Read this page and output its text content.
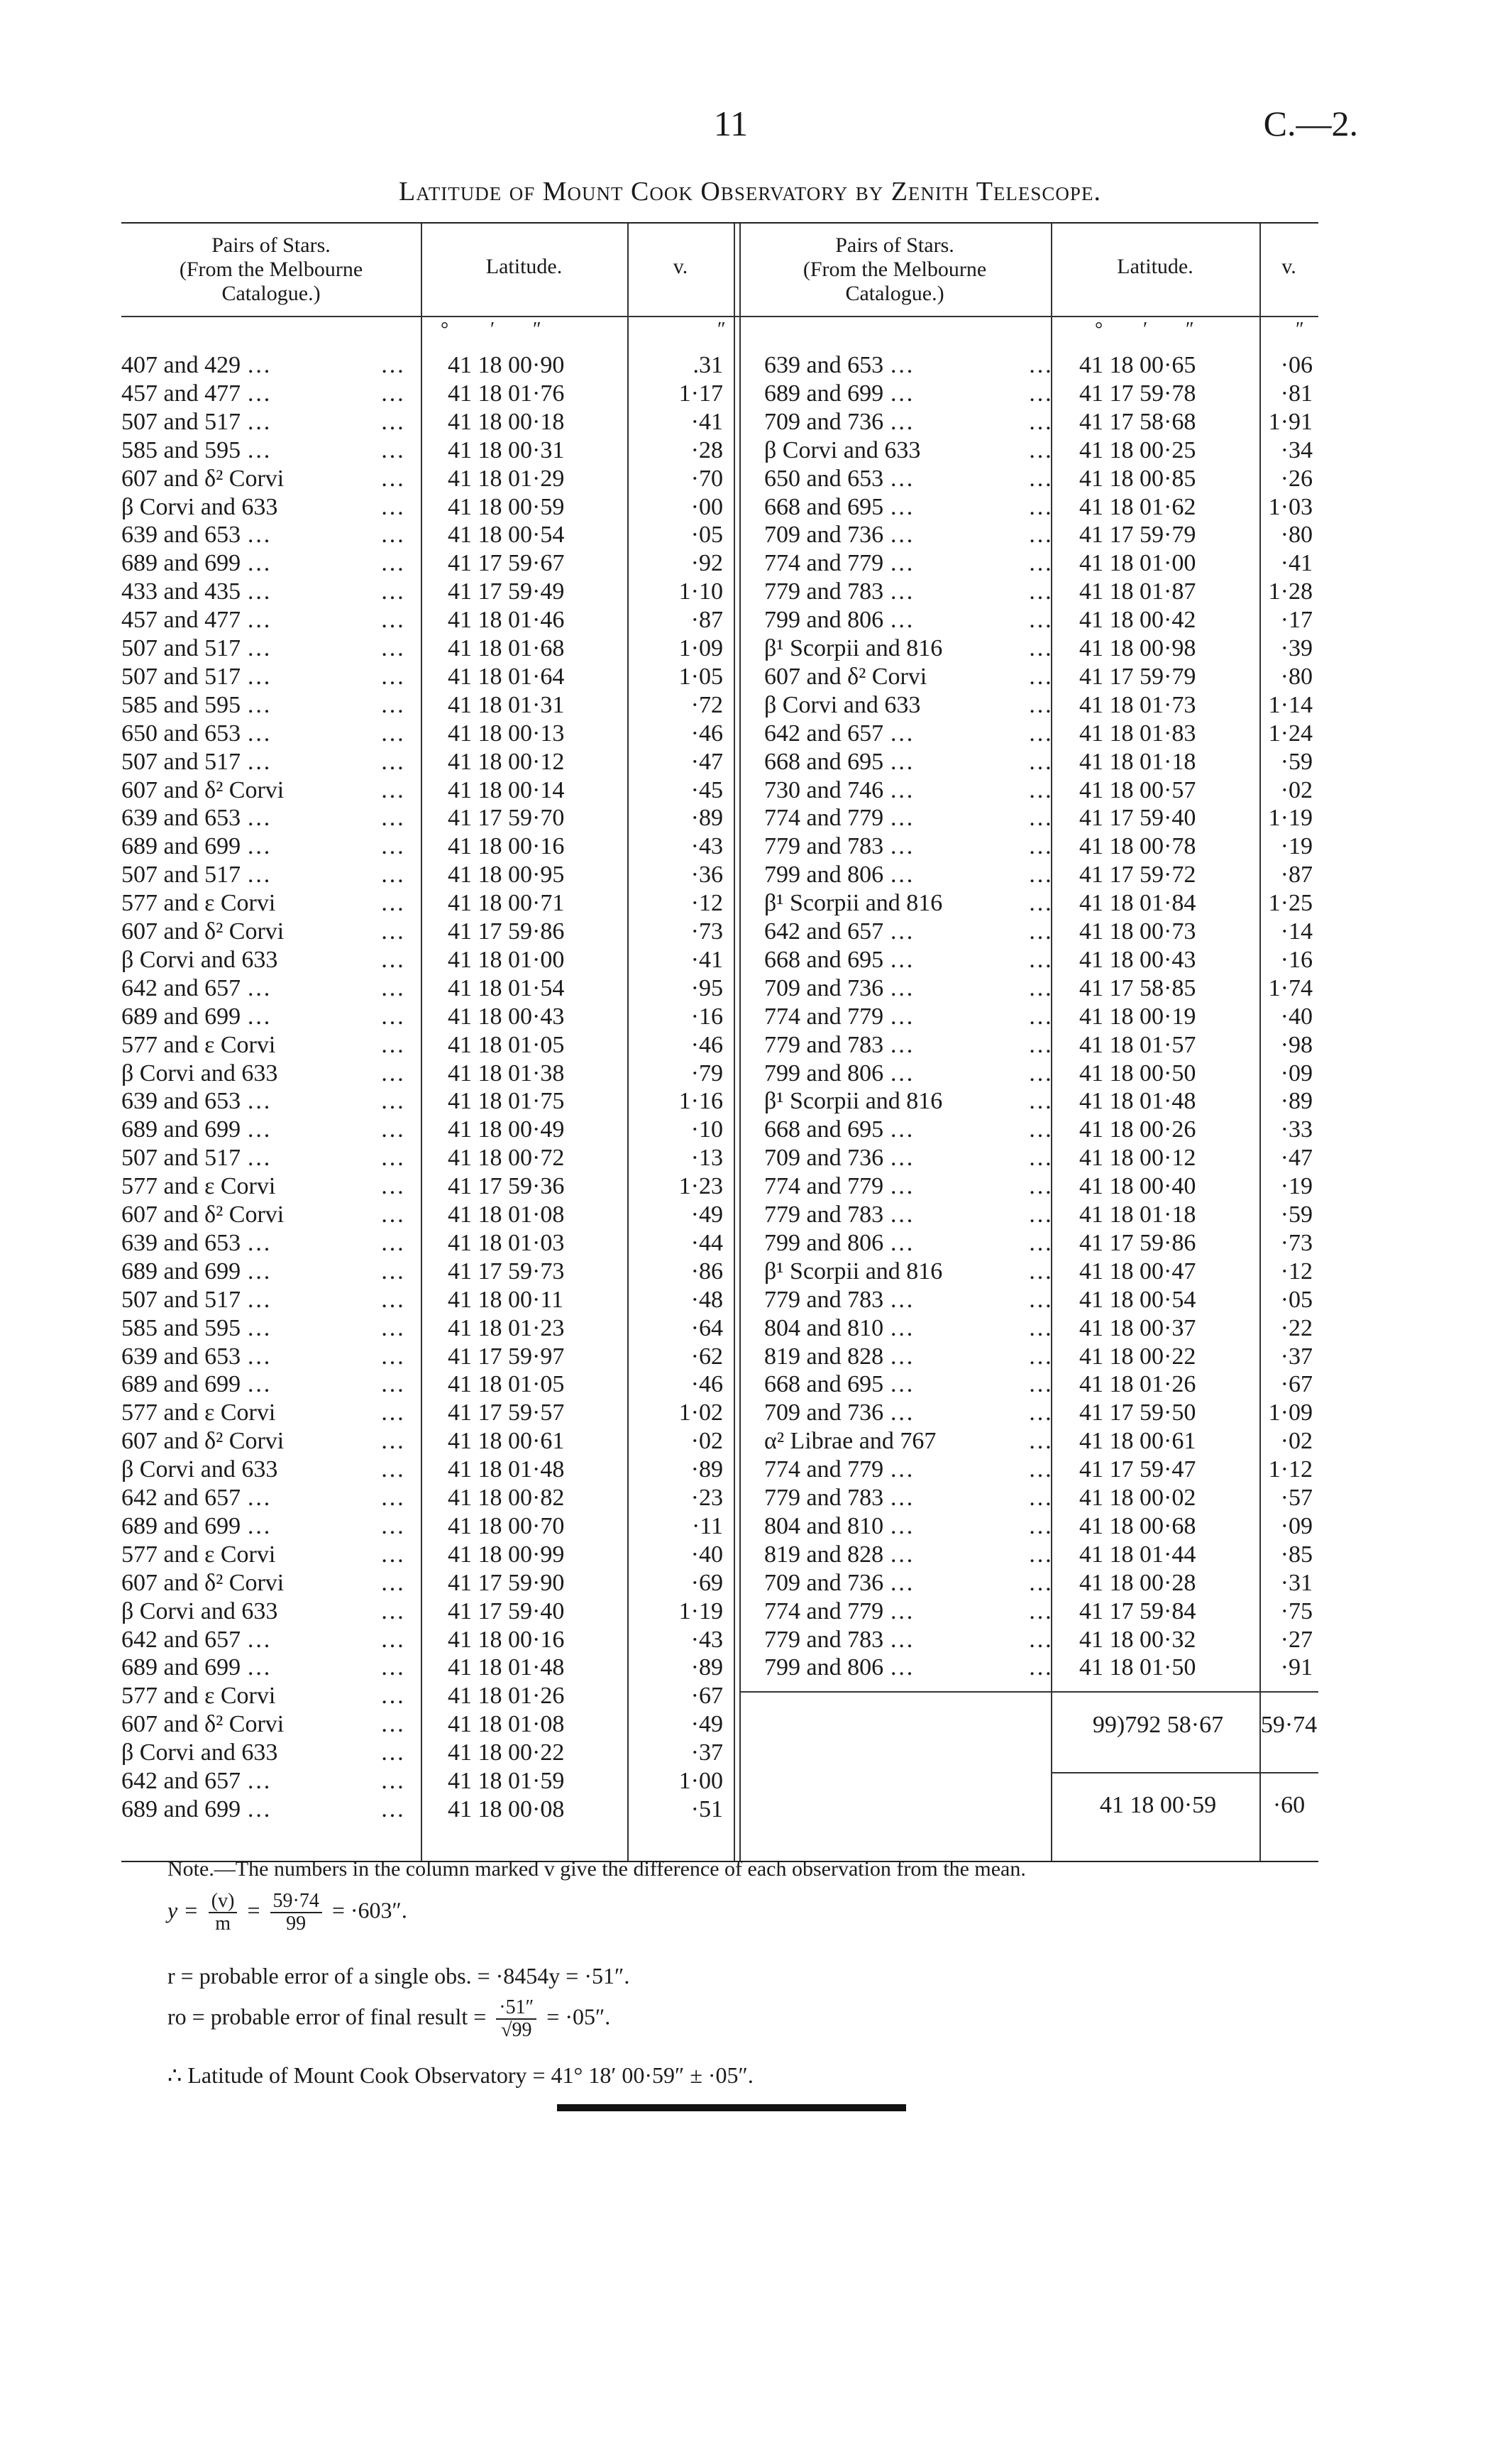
11	C.—2.
Latitude of Mount Cook Observatory by Zenith Telescope.
Pairs of Stars.
(From the Melbourne
Catalogue.)
Latitude.	v.
Pairs of Stars.
(From the Melbourne
Catalogue.)
Latitude.	v.
° ′ ″	″	° ′ ″	″
407 and 429 …	… 41 18 00·90	.31
457 and 477 …	… 41 18 01·76	1·17
507 and 517 …	… 41 18 00·18	·41
585 and 595 …	… 41 18 00·31	·28
607 and δ² Corvi	… 41 18 01·29	·70
β Corvi and 633	… 41 18 00·59	·00
639 and 653 …	… 41 18 00·54	·05
689 and 699 …	… 41 17 59·67	·92
433 and 435 …	… 41 17 59·49	1·10
457 and 477 …	… 41 18 01·46	·87
507 and 517 …	… 41 18 01·68	1·09
507 and 517 …	… 41 18 01·64	1·05
585 and 595 …	… 41 18 01·31	·72
650 and 653 …	… 41 18 00·13	·46
507 and 517 …	… 41 18 00·12	·47
607 and δ² Corvi	… 41 18 00·14	·45
639 and 653 …	… 41 17 59·70	·89
689 and 699 …	… 41 18 00·16	·43
507 and 517 …	… 41 18 00·95	·36
577 and ε Corvi	… 41 18 00·71	·12
607 and δ² Corvi	… 41 17 59·86	·73
β Corvi and 633	… 41 18 01·00	·41
642 and 657 …	… 41 18 01·54	·95
689 and 699 …	… 41 18 00·43	·16
577 and ε Corvi	… 41 18 01·05	·46
β Corvi and 633	… 41 18 01·38	·79
639 and 653 …	… 41 18 01·75	1·16
689 and 699 …	… 41 18 00·49	·10
507 and 517 …	… 41 18 00·72	·13
577 and ε Corvi	… 41 17 59·36	1·23
607 and δ² Corvi	… 41 18 01·08	·49
639 and 653 …	… 41 18 01·03	·44
689 and 699 …	… 41 17 59·73	·86
507 and 517 …	… 41 18 00·11	·48
585 and 595 …	… 41 18 01·23	·64
639 and 653 …	… 41 17 59·97	·62
689 and 699 …	… 41 18 01·05	·46
577 and ε Corvi	… 41 17 59·57	1·02
607 and δ² Corvi	… 41 18 00·61	·02
β Corvi and 633	… 41 18 01·48	·89
642 and 657 …	… 41 18 00·82	·23
689 and 699 …	… 41 18 00·70	·11
577 and ε Corvi	… 41 18 00·99	·40
607 and δ² Corvi	… 41 17 59·90	·69
β Corvi and 633	… 41 17 59·40	1·19
642 and 657 …	… 41 18 00·16	·43
689 and 699 …	… 41 18 01·48	·89
577 and ε Corvi	… 41 18 01·26	·67
607 and δ² Corvi	… 41 18 01·08	·49
β Corvi and 633	… 41 18 00·22	·37
642 and 657 …	… 41 18 01·59	1·00
689 and 699 …	… 41 18 00·08	·51
639 and 653 …	… 41 18 00·65	·06
689 and 699 …	… 41 17 59·78	·81
709 and 736 …	… 41 17 58·68	1·91
β Corvi and 633	… 41 18 00·25	·34
650 and 653 …	… 41 18 00·85	·26
668 and 695 …	… 41 18 01·62	1·03
709 and 736 …	… 41 17 59·79	·80
774 and 779 …	… 41 18 01·00	·41
779 and 783 …	… 41 18 01·87	1·28
799 and 806 …	… 41 18 00·42	·17
β¹ Scorpii and 816	… 41 18 00·98	·39
607 and δ² Corvi	… 41 17 59·79	·80
β Corvi and 633	… 41 18 01·73	1·14
642 and 657 …	… 41 18 01·83	1·24
668 and 695 …	… 41 18 01·18	·59
730 and 746 …	… 41 18 00·57	·02
774 and 779 …	… 41 17 59·40	1·19
779 and 783 …	… 41 18 00·78	·19
799 and 806 …	… 41 17 59·72	·87
β¹ Scorpii and 816	… 41 18 01·84	1·25
642 and 657 …	… 41 18 00·73	·14
668 and 695 …	… 41 18 00·43	·16
709 and 736 …	… 41 17 58·85	1·74
774 and 779 …	… 41 18 00·19	·40
779 and 783 …	… 41 18 01·57	·98
799 and 806 …	… 41 18 00·50	·09
β¹ Scorpii and 816	… 41 18 01·48	·89
668 and 695 …	… 41 18 00·26	·33
709 and 736 …	… 41 18 00·12	·47
774 and 779 …	… 41 18 00·40	·19
779 and 783 …	… 41 18 01·18	·59
799 and 806 …	… 41 17 59·86	·73
β¹ Scorpii and 816	… 41 18 00·47	·12
779 and 783 …	… 41 18 00·54	·05
804 and 810 …	… 41 18 00·37	·22
819 and 828 …	… 41 18 00·22	·37
668 and 695 …	… 41 18 01·26	·67
709 and 736 …	… 41 17 59·50	1·09
α² Librae and 767	… 41 18 00·61	·02
774 and 779 …	… 41 17 59·47	1·12
779 and 783 …	… 41 18 00·02	·57
804 and 810 …	… 41 18 00·68	·09
819 and 828 …	… 41 18 01·44	·85
709 and 736 …	… 41 18 00·28	·31
774 and 779 …	… 41 17 59·84	·75
779 and 783 …	… 41 18 00·32	·27
799 and 806 …	… 41 18 01·50	·91
99)792 58·67	59·74
41 18 00·59	·60
Note.—The numbers in the column marked v give the difference of each observation from the mean.
$y = \frac{(v)}{m} = \frac{59\cdot 74}{99} = \cdot 603''$.
r = probable error of a single obs. = ·8454y = ·51″.
ro = probable error of final result = $\frac{\cdot 51''}{√99} = \cdot 05''$.
∴ Latitude of Mount Cook Observatory = 41° 18′ 00·59″ ± ·05″.
